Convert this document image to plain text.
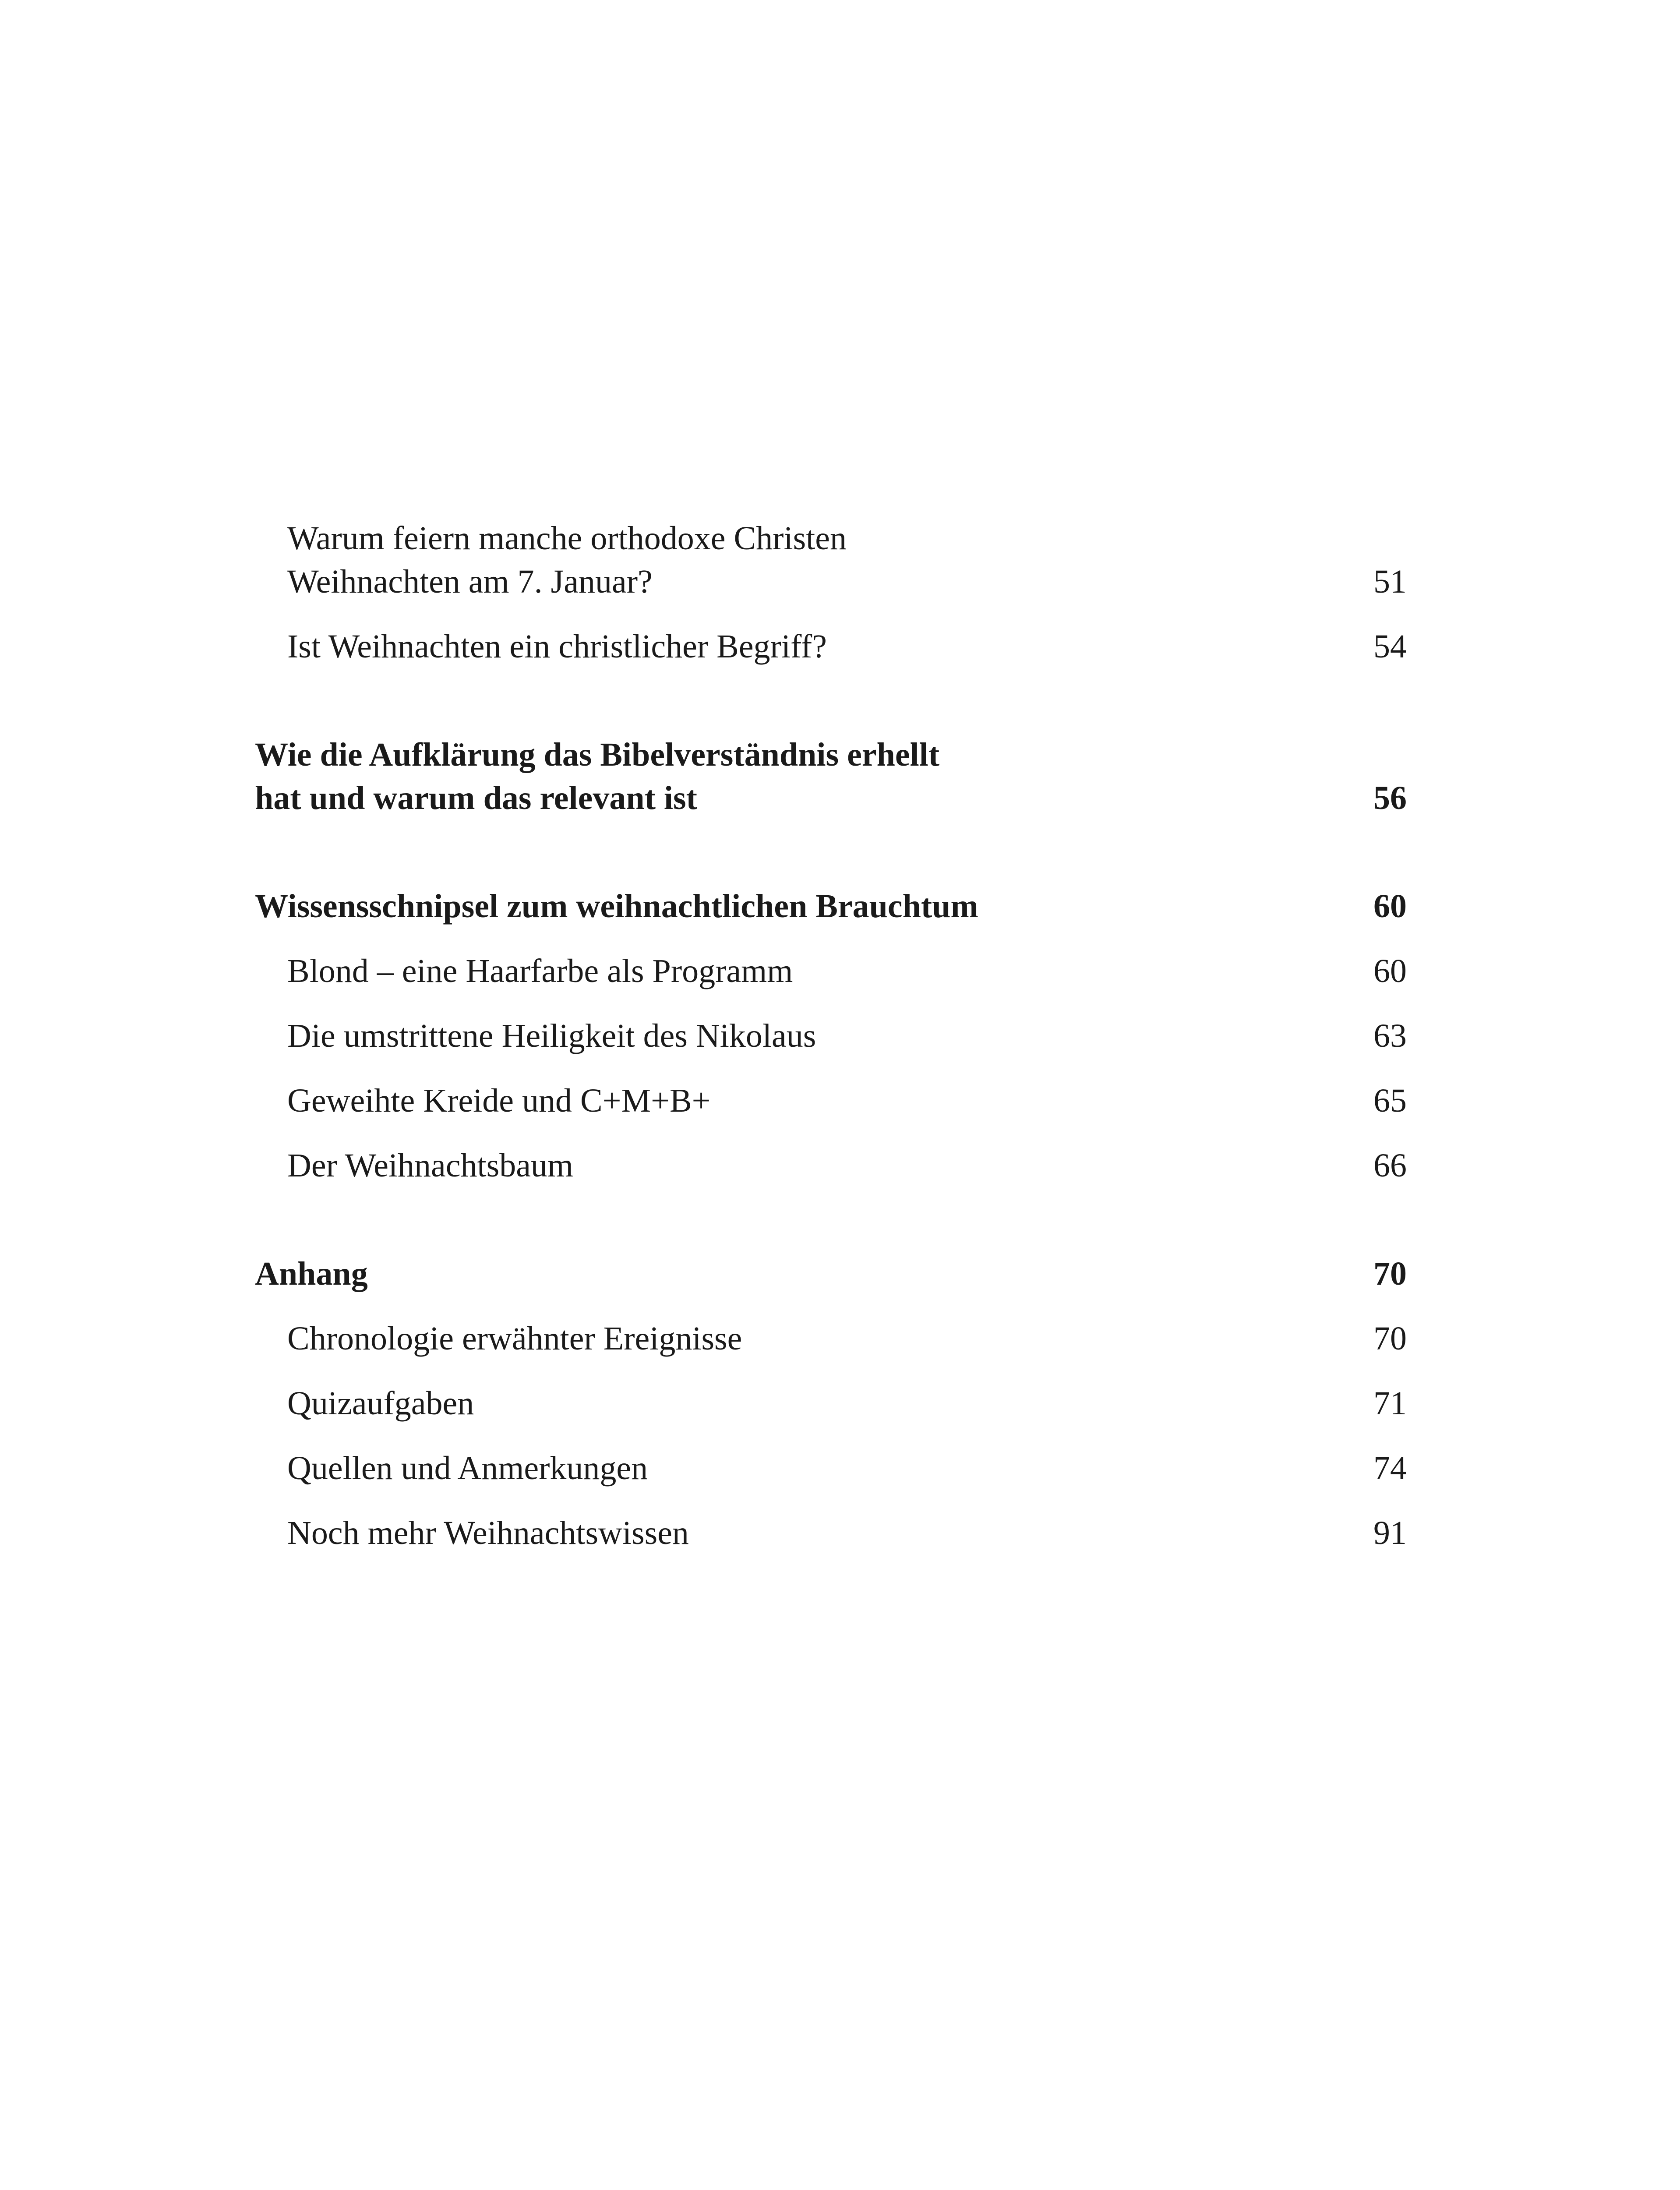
Warum feiern manche orthodoxe Christen
Weihnachten am 7. Januar?	51
Ist Weihnachten ein christlicher Begriff?	54
Wie die Aufklärung das Bibelverständnis erhellt
hat und warum das relevant ist	56
Wissensschnipsel zum weihnachtlichen Brauchtum	60
Blond – eine Haarfarbe als Programm	60
Die umstrittene Heiligkeit des Nikolaus	63
Geweihte Kreide und C+M+B+	65
Der Weihnachtsbaum	66
Anhang	70
Chronologie erwähnter Ereignisse	70
Quizaufgaben	71
Quellen und Anmerkungen	74
Noch mehr Weihnachtswissen	91
